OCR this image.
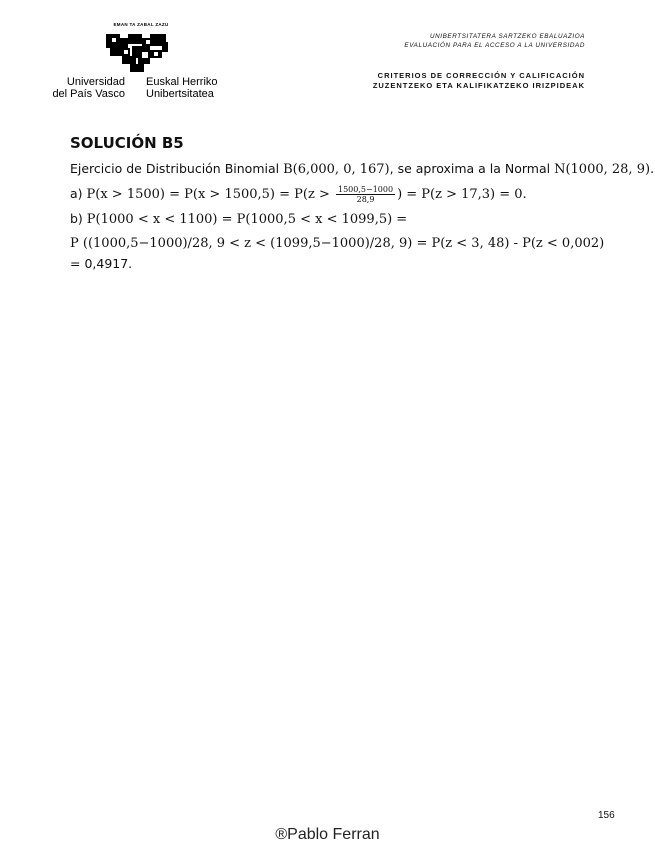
EMAN TA ZABAL ZAZU
Universidad
del País Vasco
Euskal Herriko
Unibertsitatea
UNIBERTSITATERA SARTZEKO EBALUAZIOA
EVALUACIÓN PARA EL ACCESO A LA UNIVERSIDAD
CRITERIOS DE CORRECCIÓN Y CALIFICACIÓN
ZUZENTZEKO ETA KALIFIKATZEKO IRIZPIDEAK
SOLUCIÓN B5
Ejercicio de Distribución Binomial B(6,000, 0, 167), se aproxima a la Normal N(1000, 28, 9).
a) $P(x > 1500) = P(x > 1500,5) = P(z > \frac{1500,5-1000}{28,9}$ ) = P(z > 17,3) = 0.
b) P(1000 < x < 1100) = P(1000,5 < x < 1099,5) =
P ((1000,5−1000)/28, 9 < z < (1099,5−1000)/28, 9) = P(z < 3, 48) - P(z < 0,002)
= 0,4917.
156
®Pablo Ferran
